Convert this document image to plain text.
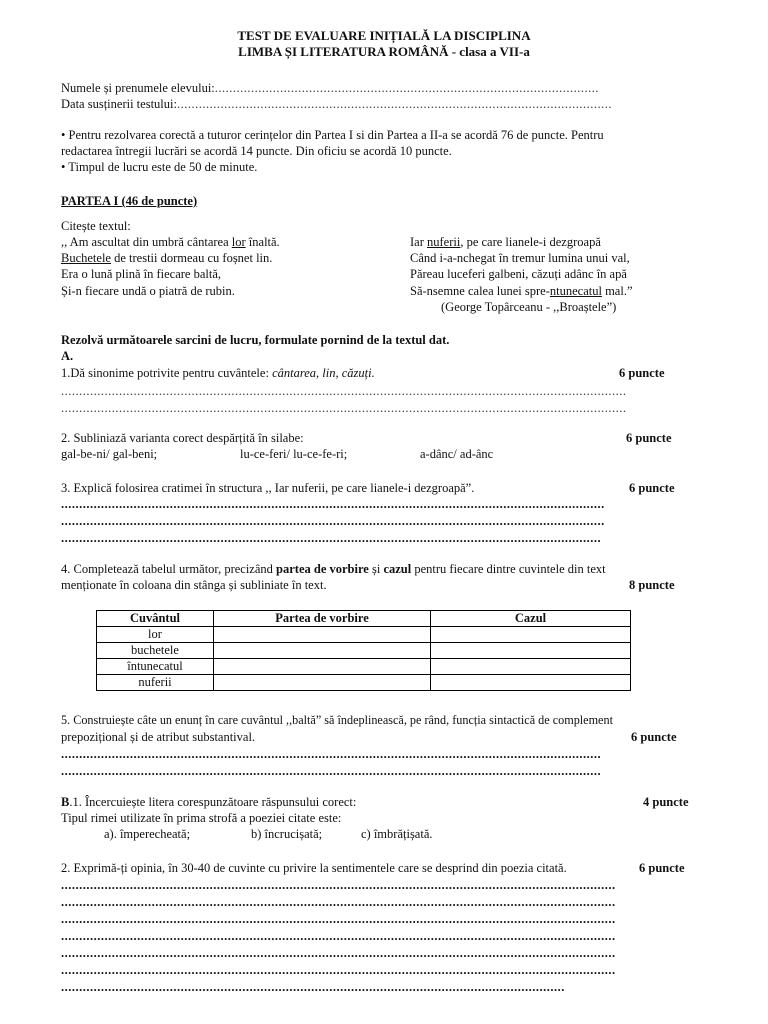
TEST DE EVALUARE INIȚIALĂ LA DISCIPLINA
LIMBA ȘI LITERATURA ROMÂNĂ - clasa a VII-a
Numele și prenumele elevului:..........................................................................................................
Data susținerii testului:........................................................................................................................
• Pentru rezolvarea corectă a tuturor cerințelor din Partea I si din Partea a II-a se acordă 76 de puncte. Pentru
redactarea întregii lucrări se acordă 14 puncte. Din oficiu se acordă 10 puncte.
• Timpul de lucru este de 50 de minute.
PARTEA I (46 de puncte)
Citește textul:
,, Am ascultat din umbră cântarea lor înaltă.
Buchetele de trestii dormeau cu foșnet lin.
Era o lună plină în fiecare baltă,
Și-n fiecare undă o piatră de rubin.
Iar nuferii, pe care lianele-i dezgroapă
Când i-a-nchegat în tremur lumina unui val,
Păreau luceferi galbeni, căzuți adânc în apă
Să-nsemne calea lunei spre-ntunecatul mal.”
(George Topârceanu - ,,Broaștele”)
Rezolvă următoarele sarcini de lucru, formulate pornind de la textul dat.
A.
1.Dă sinonime potrivite pentru cuvântele: cântarea, lin, căzuți.	6 puncte
............................................................................................................................................................
............................................................................................................................................................
2. Subliniază varianta corect despărțită în silabe:	6 puncte
gal-be-ni/ gal-beni;	lu-ce-feri/ lu-ce-fe-ri;	a-dânc/ ad-ânc
3. Explică folosirea cratimei în structura ,, Iar nuferii, pe care lianele-i dezgroapă”.	6 puncte
......................................................................................................................................................
......................................................................................................................................................
.....................................................................................................................................................
4. Completează tabelul următor, precizând partea de vorbire și cazul pentru fiecare dintre cuvintele din text
menționate în coloana din stânga și subliniate în text.	8 puncte
Cuvântul	Partea de vorbire	Cazul
lor		
buchetele		
întunecatul		
nuferii		
5. Construiește câte un enunț în care cuvântul ,,baltă” să îndeplinească, pe rând, funcția sintactică de complement
prepozițional și de atribut substantival.	6 puncte
.....................................................................................................................................................
.....................................................................................................................................................
B.1. Încercuiește litera corespunzătoare răspunsului corect:	4 puncte
Tipul rimei utilizate în prima strofă a poeziei citate este:
a). împerecheată;	b) încrucișată;	c) îmbrățișată.
2. Exprimă-ți opinia, în 30-40 de cuvinte cu privire la sentimentele care se desprind din poezia citată.	6 puncte
.........................................................................................................................................................
.........................................................................................................................................................
.........................................................................................................................................................
.........................................................................................................................................................
.........................................................................................................................................................
.........................................................................................................................................................
...........................................................................................................................................
